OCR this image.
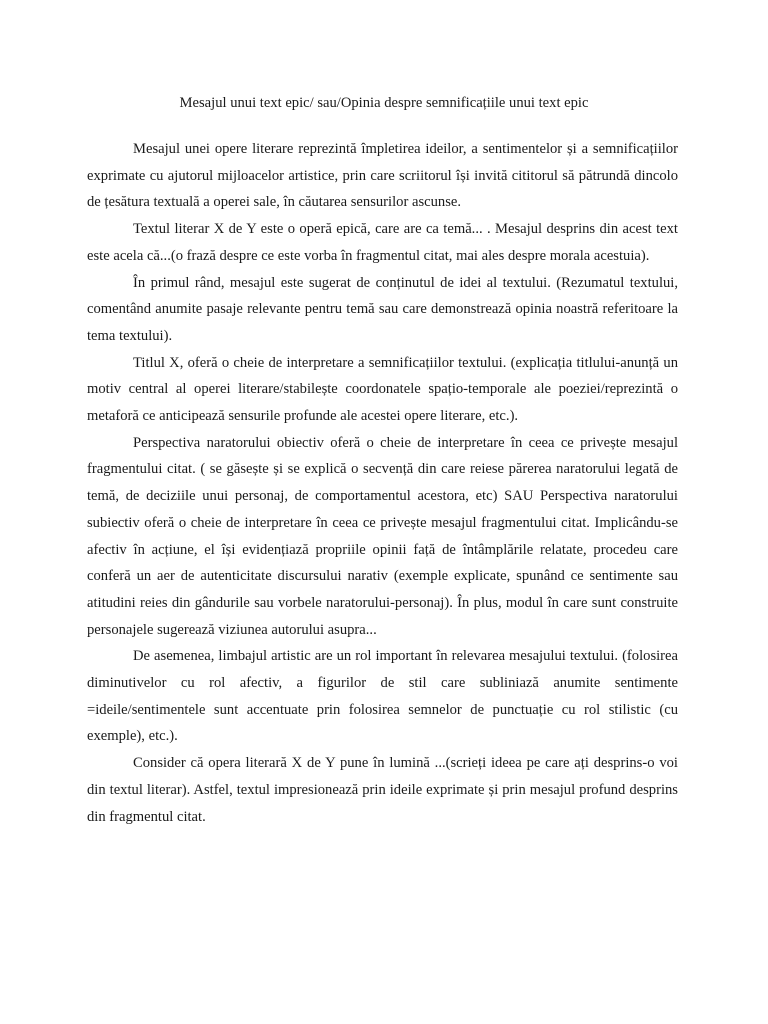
Mesajul unui text epic/ sau/Opinia despre semnificațiile unui text epic

Mesajul unei opere literare reprezintă împletirea ideilor, a sentimentelor și a semnificațiilor exprimate cu ajutorul mijloacelor artistice, prin care scriitorul își invită cititorul să pătrundă dincolo de țesătura textuală a operei sale, în căutarea sensurilor ascunse.

Textul literar X de Y este o operă epică, care are ca temă... . Mesajul desprins din acest text este acela că...(o frază despre ce este vorba în fragmentul citat, mai ales despre morala acestuia).

În primul rând, mesajul este sugerat de conținutul de idei al textului. (Rezumatul textului, comentând anumite pasaje relevante pentru temă sau care demonstrează opinia noastră referitoare la tema textului).

Titlul X, oferă o cheie de interpretare a semnificațiilor textului. (explicația titlului-anunță un motiv central al operei literare/stabilește coordonatele spațio-temporale ale poeziei/reprezintă o metaforă ce anticipează sensurile profunde ale acestei opere literare, etc.).

Perspectiva naratorului obiectiv oferă o cheie de interpretare în ceea ce privește mesajul fragmentului citat. ( se găsește și se explică o secvență din care reiese părerea naratorului legată de temă, de deciziile unui personaj, de comportamentul acestora, etc) SAU Perspectiva naratorului subiectiv oferă o cheie de interpretare în ceea ce privește mesajul fragmentului citat. Implicându-se afectiv în acțiune, el își evidențiază propriile opinii față de întâmplările relatate, procedeu care conferă un aer de autenticitate discursului narativ (exemple explicate, spunând ce sentimente sau atitudini reies din gândurile sau vorbele naratorului-personaj). În plus, modul în care sunt construite personajele sugerează viziunea autorului asupra...

De asemenea, limbajul artistic are un rol important în relevarea mesajului textului. (folosirea diminutivelor cu rol afectiv, a figurilor de stil care subliniază anumite sentimente =ideile/sentimentele sunt accentuate prin folosirea semnelor de punctuație cu rol stilistic (cu exemple), etc.).

Consider că opera literară X de Y pune în lumină ...(scrieți ideea pe care ați desprins-o voi din textul literar). Astfel, textul impresionează prin ideile exprimate și prin mesajul profund desprins din fragmentul citat.
